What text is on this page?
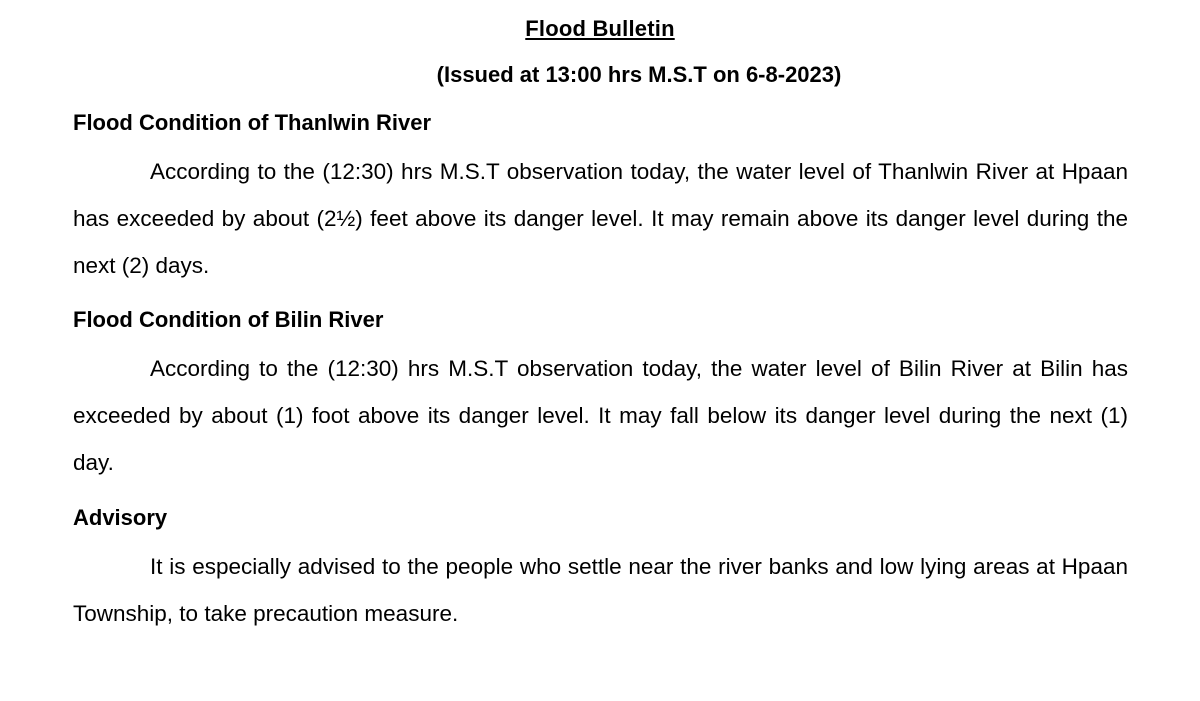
Flood Bulletin
(Issued at 13:00 hrs M.S.T on 6-8-2023)
Flood Condition of Thanlwin River
According to the (12:30) hrs M.S.T observation today, the water level of Thanlwin River at Hpaan has exceeded by about (2½) feet above its danger level. It may remain above its danger level during the next (2) days.
Flood Condition of Bilin River
According to the (12:30) hrs M.S.T observation today, the water level of Bilin River at Bilin has exceeded by about (1) foot above its danger level. It may fall below its danger level during the next (1) day.
Advisory
It is especially advised to the people who settle near the river banks and low lying areas at Hpaan Township, to take precaution measure.
